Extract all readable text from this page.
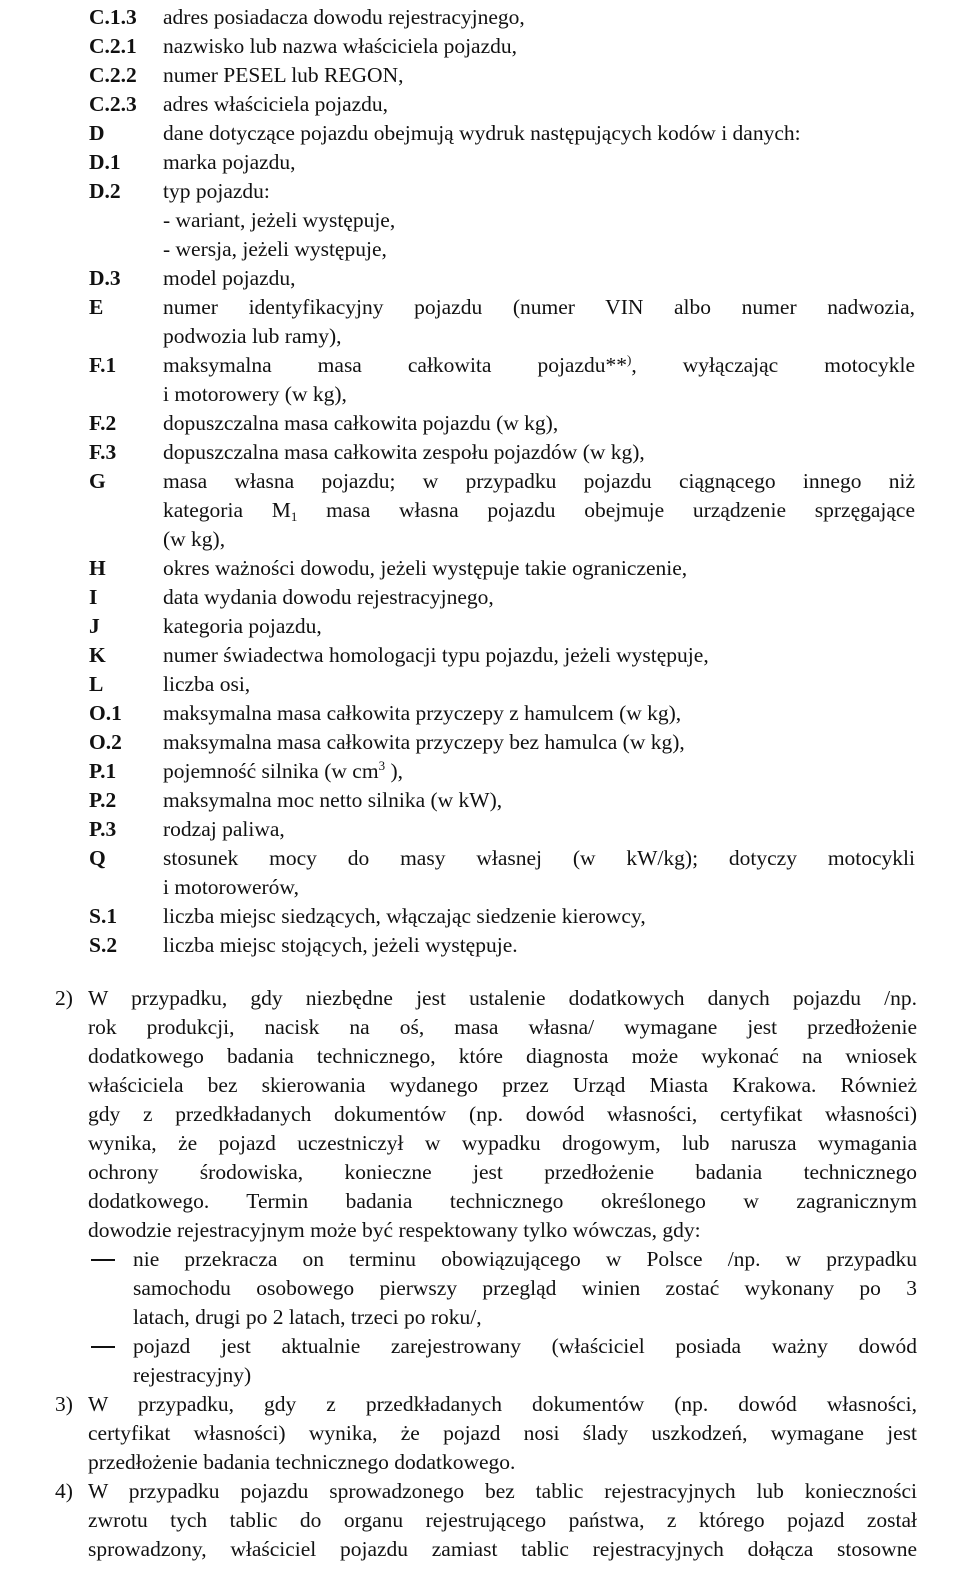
C.1.3	adres posiadacza dowodu rejestracyjnego,
C.2.1	nazwisko lub nazwa właściciela pojazdu,
C.2.2	numer PESEL lub REGON,
C.2.3	adres właściciela pojazdu,
D	dane dotyczące pojazdu obejmują wydruk następujących kodów i danych:
D.1	marka pojazdu,
D.2	typ pojazdu:
- wariant, jeżeli występuje,
- wersja, jeżeli występuje,
D.3	model pojazdu,
E	numer identyfikacyjny pojazdu (numer VIN albo numer nadwozia,
podwozia lub ramy),
F.1	maksymalna masa całkowita pojazdu**), wyłączając motocykle
i motorowery (w kg),
F.2	dopuszczalna masa całkowita pojazdu (w kg),
F.3	dopuszczalna masa całkowita zespołu pojazdów (w kg),
G	masa własna pojazdu; w przypadku pojazdu ciągnącego innego niż
kategoria $M_1$ masa własna pojazdu obejmuje urządzenie sprzęgające
(w kg),
H	okres ważności dowodu, jeżeli występuje takie ograniczenie,
I	data wydania dowodu rejestracyjnego,
J	kategoria pojazdu,
K	numer świadectwa homologacji typu pojazdu, jeżeli występuje,
L	liczba osi,
O.1	maksymalna masa całkowita przyczepy z hamulcem (w kg),
O.2	maksymalna masa całkowita przyczepy bez hamulca (w kg),
P.1	pojemność silnika (w $cm^3$ ),
P.2	maksymalna moc netto silnika (w kW),
P.3	rodzaj paliwa,
Q	stosunek mocy do masy własnej (w kW/kg); dotyczy motocykli
i motorowerów,
S.1	liczba miejsc siedzących, włączając siedzenie kierowcy,
S.2	liczba miejsc stojących, jeżeli występuje.
2) W przypadku, gdy niezbędne jest ustalenie dodatkowych danych pojazdu /np.
rok produkcji, nacisk na oś, masa własna/ wymagane jest przedłożenie
dodatkowego badania technicznego, które diagnosta może wykonać na wniosek
właściciela bez skierowania wydanego przez Urząd Miasta Krakowa. Również
gdy z przedkładanych dokumentów (np. dowód własności, certyfikat własności)
wynika, że pojazd uczestniczył w wypadku drogowym, lub narusza wymagania
ochrony środowiska, konieczne jest przedłożenie badania technicznego
dodatkowego. Termin badania technicznego określonego w zagranicznym
dowodzie rejestracyjnym może być respektowany tylko wówczas, gdy:
nie przekracza on terminu obowiązującego w Polsce /np. w przypadku
samochodu osobowego pierwszy przegląd winien zostać wykonany po 3
latach, drugi po 2 latach, trzeci po roku/,
pojazd jest aktualnie zarejestrowany (właściciel posiada ważny dowód
rejestracyjny)
3) W przypadku, gdy z przedkładanych dokumentów (np. dowód własności,
certyfikat własności) wynika, że pojazd nosi ślady uszkodzeń, wymagane jest
przedłożenie badania technicznego dodatkowego.
4) W przypadku pojazdu sprowadzonego bez tablic rejestracyjnych lub konieczności
zwrotu tych tablic do organu rejestrującego państwa, z którego pojazd został
sprowadzony, właściciel pojazdu zamiast tablic rejestracyjnych dołącza stosowne
